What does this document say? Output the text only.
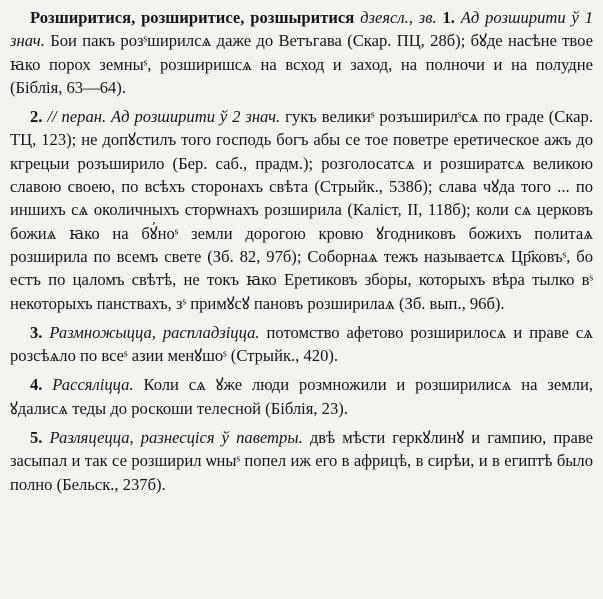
Розширитися, розширитисе, розшыритися дзеясл., зв. 1. Ад розширити ў 1 знач. Бои пакъ розˢширилсѧ даже до Ветъгава (Скар. ПЦ, 28б); бꙋде насѣне твое ꙗко порох земныˢ, розширишсѧ на всход и заход, на полночи и на полудне (Біблія, 63—64).

2. // перан. Ад розширити ў 2 знач. гукъ великиˢ розъширилˢсѧ по граде (Скар. ТЦ, 123); не допꙋстилъ того господь богъ абы се тое поветре еретическое ажъ до кгрецыи розъширило (Бер. саб., прадм.); розголосатсѧ и розширатсѧ великою славою своею, по всѣхъ сторонахъ свѣта (Стрыйк., 538б); слава чꙋда того ... по иншихъ сѧ околичныхъ сторѡнахъ розширила (Каліст, II, 118б); коли сѧ церковъ божиѧ ꙗко на бꙋ҆ноˢ земли дорогою кровю ꙋгодниковъ божихъ политаѧ розширила по всемъ свете (Зб. 82, 97б); Соборнаѧ тежъ называетсѧ Цр҃ковъˢ, бо естъ по цаломъ свѣтѣ, не токъ ꙗко Еретиковъ зборы, которыхъ вѣра тылко вˢ некоторыхъ панствахъ, зˢ примꙋсꙋ пановъ розширилаѧ (Зб. вып., 96б).

3. Размножыцца, распладзіцца. потомство афетово розширилосѧ и праве сѧ розсѣѧло по всеˢ азии менꙋшоˢ (Стрыйк., 420).

4. Рассяліцца. Коли сѧ ꙋже люди розмножили и розширилисѧ на земли, ꙋдалисѧ теды до роскоши телесной (Біблія, 23).

5. Разляцецца, разнесціся ў паветры. двѣ мѣсти геркꙋлинꙋ и гампию, праве засыпал и так се розширил ѡныˢ попел иж его в африцѣ, в сирѣи, и в египтѣ было полно (Бельск., 237б).
